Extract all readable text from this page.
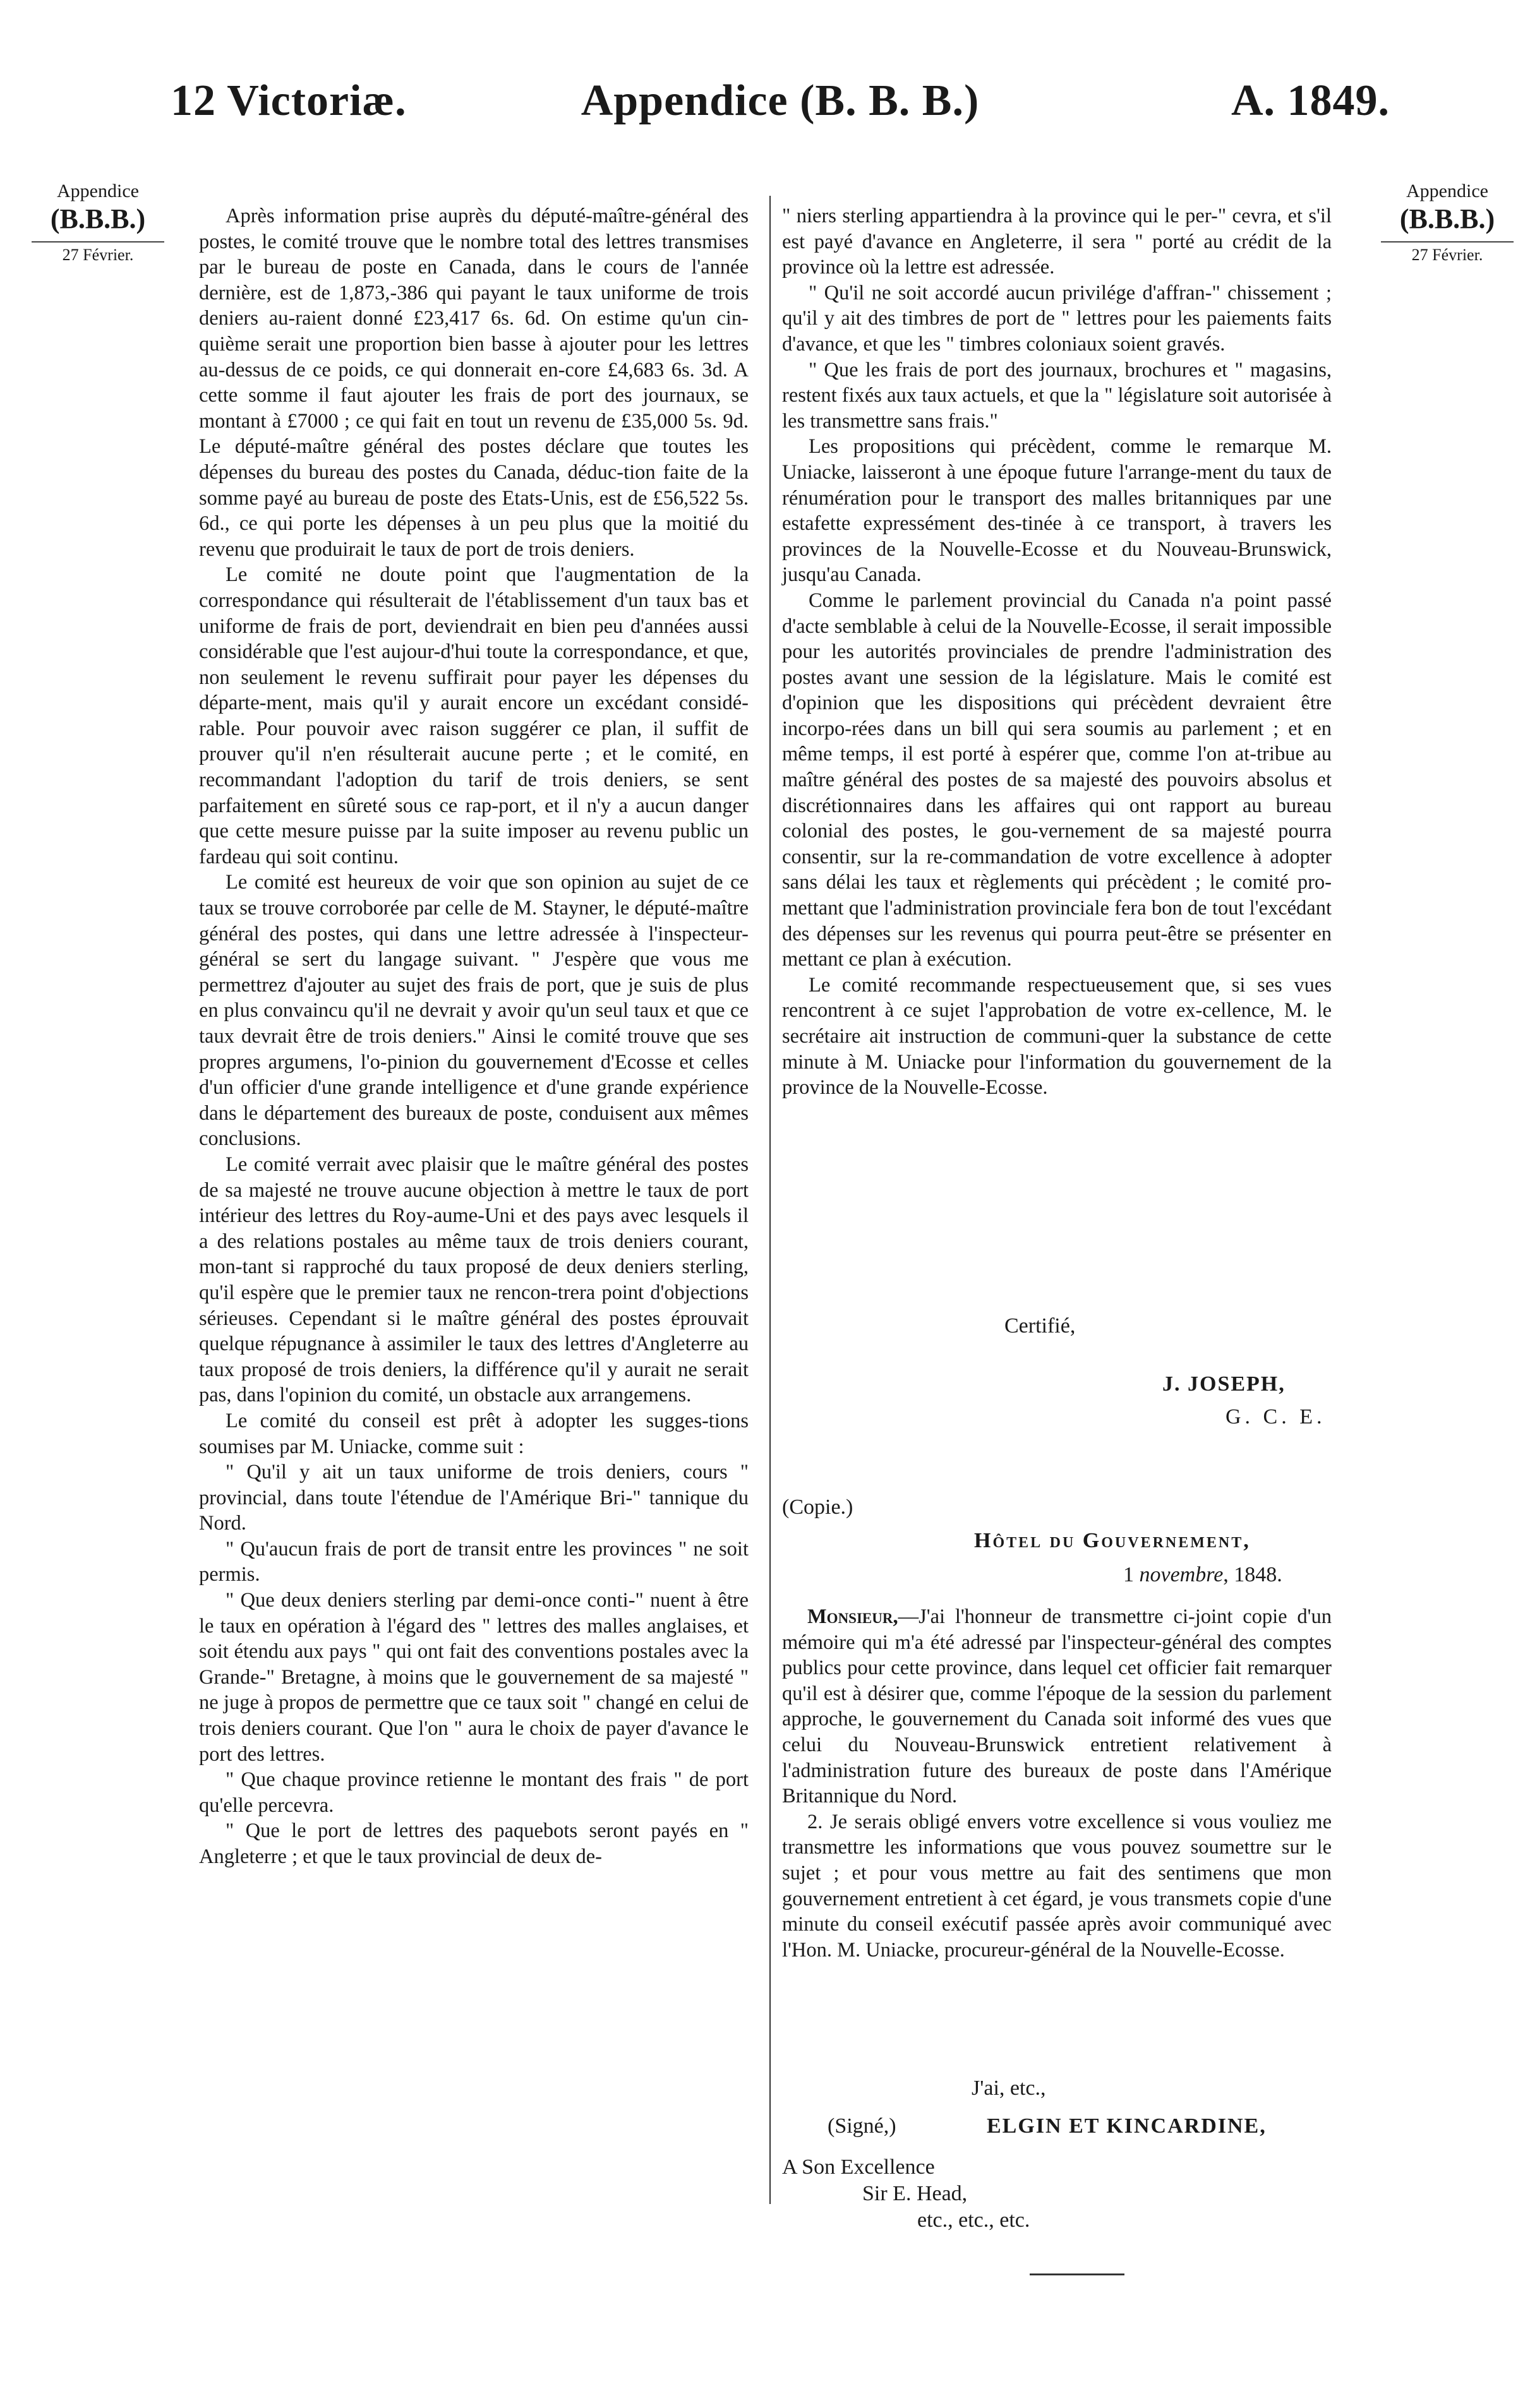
12 Victoriæ.	Appendice (B. B. B.)	A. 1849.
Appendice
(B.B.B.)
27 Février.
Appendice
(B.B.B.)
27 Février.

Après information prise auprès du député-maître-général des postes, le comité trouve que le nombre total des lettres transmises par le bureau de poste en Canada, dans le cours de l'année dernière, est de 1,873,-386 qui payant le taux uniforme de trois deniers au-raient donné £23,417 6s. 6d. On estime qu'un cin-quième serait une proportion bien basse à ajouter pour les lettres au-dessus de ce poids, ce qui donnerait en-core £4,683 6s. 3d. A cette somme il faut ajouter les frais de port des journaux, se montant à £7000 ; ce qui fait en tout un revenu de £35,000 5s. 9d. Le député-maître général des postes déclare que toutes les dépenses du bureau des postes du Canada, déduc-tion faite de la somme payé au bureau de poste des Etats-Unis, est de £56,522 5s. 6d., ce qui porte les dépenses à un peu plus que la moitié du revenu que produirait le taux de port de trois deniers.

Le comité ne doute point que l'augmentation de la correspondance qui résulterait de l'établissement d'un taux bas et uniforme de frais de port, deviendrait en bien peu d'années aussi considérable que l'est aujour-d'hui toute la correspondance, et que, non seulement le revenu suffirait pour payer les dépenses du départe-ment, mais qu'il y aurait encore un excédant considé-rable. Pour pouvoir avec raison suggérer ce plan, il suffit de prouver qu'il n'en résulterait aucune perte ; et le comité, en recommandant l'adoption du tarif de trois deniers, se sent parfaitement en sûreté sous ce rap-port, et il n'y a aucun danger que cette mesure puisse par la suite imposer au revenu public un fardeau qui soit continu.

Le comité est heureux de voir que son opinion au sujet de ce taux se trouve corroborée par celle de M. Stayner, le député-maître général des postes, qui dans une lettre adressée à l'inspecteur-général se sert du langage suivant. " J'espère que vous me permettrez d'ajouter au sujet des frais de port, que je suis de plus en plus convaincu qu'il ne devrait y avoir qu'un seul taux et que ce taux devrait être de trois deniers." Ainsi le comité trouve que ses propres argumens, l'o-pinion du gouvernement d'Ecosse et celles d'un officier d'une grande intelligence et d'une grande expérience dans le département des bureaux de poste, conduisent aux mêmes conclusions.

Le comité verrait avec plaisir que le maître général des postes de sa majesté ne trouve aucune objection à mettre le taux de port intérieur des lettres du Roy-aume-Uni et des pays avec lesquels il a des relations postales au même taux de trois deniers courant, mon-tant si rapproché du taux proposé de deux deniers sterling, qu'il espère que le premier taux ne rencon-trera point d'objections sérieuses. Cependant si le maître général des postes éprouvait quelque répugnance à assimiler le taux des lettres d'Angleterre au taux proposé de trois deniers, la différence qu'il y aurait ne serait pas, dans l'opinion du comité, un obstacle aux arrangemens.

Le comité du conseil est prêt à adopter les sugges-tions soumises par M. Uniacke, comme suit :

" Qu'il y ait un taux uniforme de trois deniers, cours " provincial, dans toute l'étendue de l'Amérique Bri-" tannique du Nord.

" Qu'aucun frais de port de transit entre les provinces " ne soit permis.

" Que deux deniers sterling par demi-once conti-" nuent à être le taux en opération à l'égard des " lettres des malles anglaises, et soit étendu aux pays " qui ont fait des conventions postales avec la Grande-" Bretagne, à moins que le gouvernement de sa majesté " ne juge à propos de permettre que ce taux soit " changé en celui de trois deniers courant. Que l'on " aura le choix de payer d'avance le port des lettres.

" Que chaque province retienne le montant des frais " de port qu'elle percevra.

" Que le port de lettres des paquebots seront payés en " Angleterre ; et que le taux provincial de deux de-

" niers sterling appartiendra à la province qui le per-" cevra, et s'il est payé d'avance en Angleterre, il sera " porté au crédit de la province où la lettre est adressée.

" Qu'il ne soit accordé aucun privilége d'affran-" chissement ; qu'il y ait des timbres de port de " lettres pour les paiements faits d'avance, et que les " timbres coloniaux soient gravés.

" Que les frais de port des journaux, brochures et " magasins, restent fixés aux taux actuels, et que la " législature soit autorisée à les transmettre sans frais."

Les propositions qui précèdent, comme le remarque M. Uniacke, laisseront à une époque future l'arrange-ment du taux de rénumération pour le transport des malles britanniques par une estafette expressément des-tinée à ce transport, à travers les provinces de la Nouvelle-Ecosse et du Nouveau-Brunswick, jusqu'au Canada.

Comme le parlement provincial du Canada n'a point passé d'acte semblable à celui de la Nouvelle-Ecosse, il serait impossible pour les autorités provinciales de prendre l'administration des postes avant une session de la législature. Mais le comité est d'opinion que les dispositions qui précèdent devraient être incorpo-rées dans un bill qui sera soumis au parlement ; et en même temps, il est porté à espérer que, comme l'on at-tribue au maître général des postes de sa majesté des pouvoirs absolus et discrétionnaires dans les affaires qui ont rapport au bureau colonial des postes, le gou-vernement de sa majesté pourra consentir, sur la re-commandation de votre excellence à adopter sans délai les taux et règlements qui précèdent ; le comité pro-mettant que l'administration provinciale fera bon de tout l'excédant des dépenses sur les revenus qui pourra peut-être se présenter en mettant ce plan à exécution.

Le comité recommande respectueusement que, si ses vues rencontrent à ce sujet l'approbation de votre ex-cellence, M. le secrétaire ait instruction de communi-quer la substance de cette minute à M. Uniacke pour l'information du gouvernement de la province de la Nouvelle-Ecosse.

Certifié,
J. JOSEPH,
G. C. E.
(Copie.)
Hôtel du Gouvernement,
1 novembre, 1848.

Monsieur,—J'ai l'honneur de transmettre ci-joint copie d'un mémoire qui m'a été adressé par l'inspecteur-général des comptes publics pour cette province, dans lequel cet officier fait remarquer qu'il est à désirer que, comme l'époque de la session du parlement approche, le gouvernement du Canada soit informé des vues que celui du Nouveau-Brunswick entretient relativement à l'administration future des bureaux de poste dans l'Amérique Britannique du Nord.

2. Je serais obligé envers votre excellence si vous vouliez me transmettre les informations que vous pouvez soumettre sur le sujet ; et pour vous mettre au fait des sentimens que mon gouvernement entretient à cet égard, je vous transmets copie d'une minute du conseil exécutif passée après avoir communiqué avec l'Hon. M. Uniacke, procureur-général de la Nouvelle-Ecosse.

J'ai, etc.,
(Signé,)	ELGIN ET KINCARDINE,
A Son Excellence
Sir E. Head,
etc., etc., etc.
